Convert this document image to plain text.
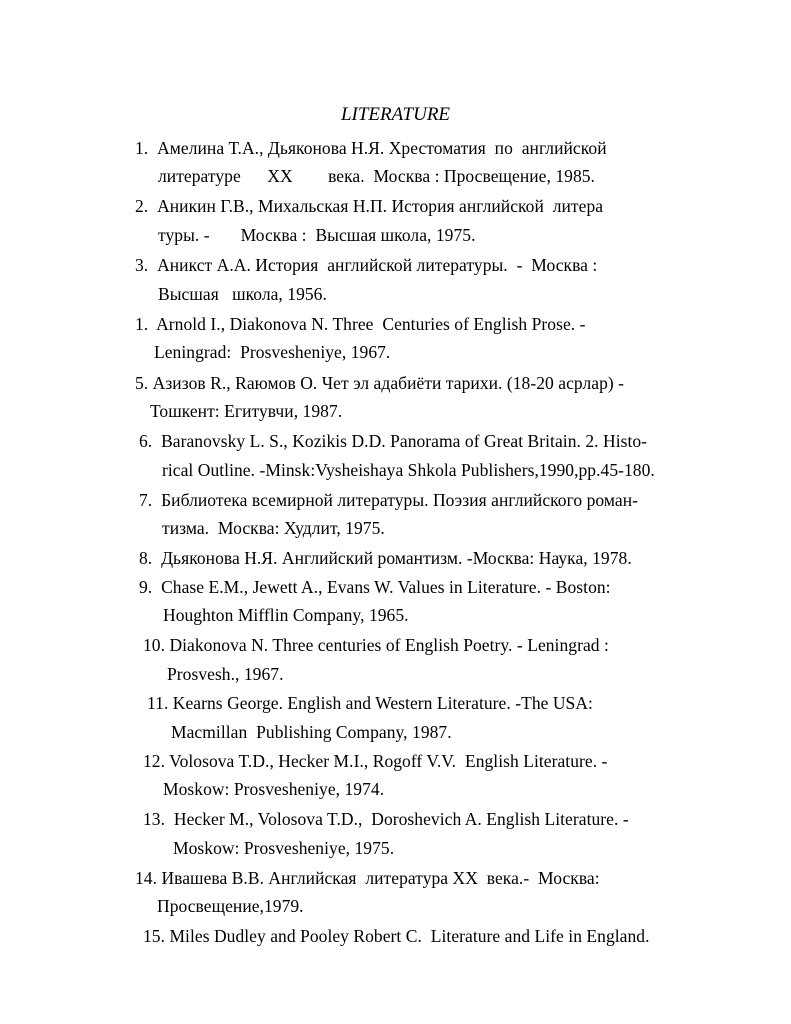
LITERATURE
1.  Амелина Т.А., Дьяконова Н.Я. Хрестоматия  по  английской
литературе      XX        века.  Москва : Просвещение, 1985.
2.  Аникин Г.В., Михальская Н.П. История английской  литера
туры. -       Москва :  Высшая школа, 1975.
3.  Аникст А.А. История  английской литературы.  -  Москва :
Высшая   школа, 1956.
1.  Arnold I., Diakonova N. Three  Centuries of English Prose. -
Leningrad:  Prosvesheniye, 1967.
5. Азизов R., Rаюмов О. Чет эл адабиёти тарихи. (18-20 асрлар) -
Тошкент: Егитувчи, 1987.
6.  Baranovsky L. S., Kozikis D.D. Panorama of Great Britain. 2. Histo-
rical Outline. -Minsk:Vysheishaya Shkola Publishers,1990,pp.45-180.
7.  Библиотека всемирной литературы. Поэзия английского роман-
тизма.  Москва: Худлит, 1975.
8.  Дьяконова Н.Я. Английский романтизм. -Москва: Наука, 1978.
9.  Chase E.M., Jewett A., Evans W. Values in Literature. - Boston:
Houghton Mifflin Company, 1965.
10. Diakonova N. Three centuries of English Poetry. - Leningrad :
Prosvesh., 1967.
11. Kearns George. English and Western Literature. -The USA:
Macmillan  Publishing Company, 1987.
12. Volosova T.D., Hecker M.I., Rogoff V.V.  English Literature. -
Moskow: Prosvesheniye, 1974.
13.  Hecker M., Volosova T.D.,  Doroshevich A. English Literature. -
Moskow: Prosvesheniye, 1975.
14. Ивашева В.В. Английская  литература XX  века.-  Москва:
Просвещение,1979.
15. Miles Dudley and Pooley Robert C.  Literature and Life in England.
